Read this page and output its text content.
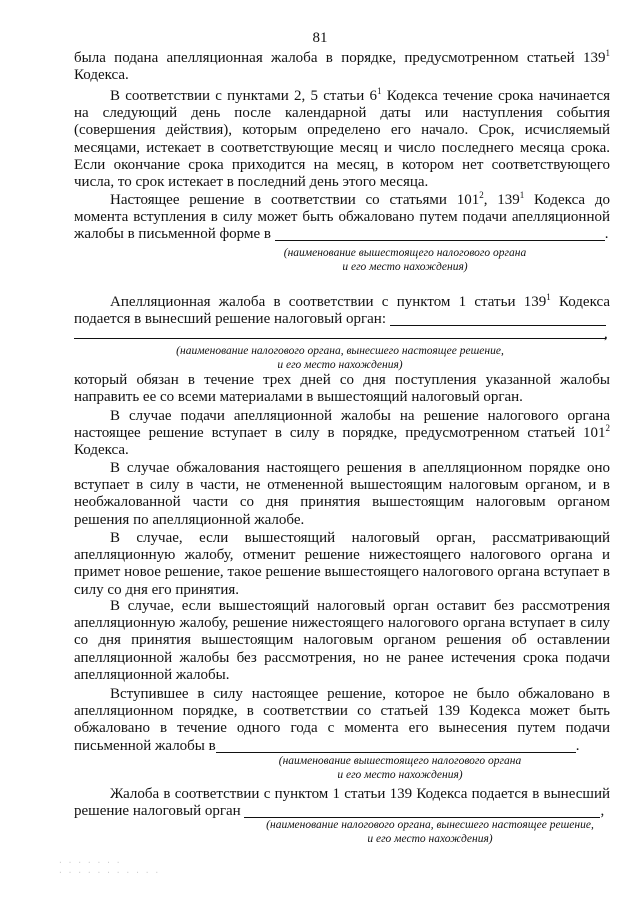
81

была подана апелляционная жалоба в порядке, предусмотренном статьей $139^1$ Кодекса.

В соответствии с пунктами 2, 5 статьи $6^1$ Кодекса течение срока начинается на следующий день после календарной даты или наступления события (совершения действия), которым определено его начало. Срок, исчисляемый месяцами, истекает в соответствующие месяц и число последнего месяца срока. Если окончание срока приходится на месяц, в котором нет соответствующего числа, то срок истекает в последний день этого месяца.

Настоящее решение в соответствии со статьями $101^2$, $139^1$ Кодекса до момента вступления в силу может быть обжаловано путем подачи апелляционной жалобы в письменной форме в	.

(наименование вышестоящего налогового органа
и его место нахождения)

Апелляционная жалоба в соответствии с пунктом 1 статьи $139^1$ Кодекса подается в вынесший решение налоговый орган:

,

(наименование налогового органа, вынесшего настоящее решение,
и его место нахождения)

который обязан в течение трех дней со дня поступления указанной жалобы направить ее со всеми материалами в вышестоящий налоговый орган.

В случае подачи апелляционной жалобы на решение налогового органа настоящее решение вступает в силу в порядке, предусмотренном статьей $101^2$ Кодекса.

В случае обжалования настоящего решения в апелляционном порядке оно вступает в силу в части, не отмененной вышестоящим налоговым органом, и в необжалованной части со дня принятия вышестоящим налоговым органом решения по апелляционной жалобе.

В случае, если вышестоящий налоговый орган, рассматривающий апелляционную жалобу, отменит решение нижестоящего налогового органа и примет новое решение, такое решение вышестоящего налогового органа вступает в силу со дня его принятия.

В случае, если вышестоящий налоговый орган оставит без рассмотрения апелляционную жалобу, решение нижестоящего налогового органа вступает в силу со дня принятия вышестоящим налоговым органом решения об оставлении апелляционной жалобы без рассмотрения, но не ранее истечения срока подачи апелляционной жалобы.

Вступившее в силу настоящее решение, которое не было обжаловано в апелляционном порядке, в соответствии со статьей 139 Кодекса может быть обжаловано в течение одного года с момента его вынесения путем подачи письменной жалобы в	.

(наименование вышестоящего налогового органа
и его место нахождения)

Жалоба в соответствии с пунктом 1 статьи 139 Кодекса подается в вынесший решение налоговый орган	,

(наименование налогового органа, вынесшего настоящее решение,
и его место нахождения)

· · · · · · ·
· · · · · · · · · · ·
